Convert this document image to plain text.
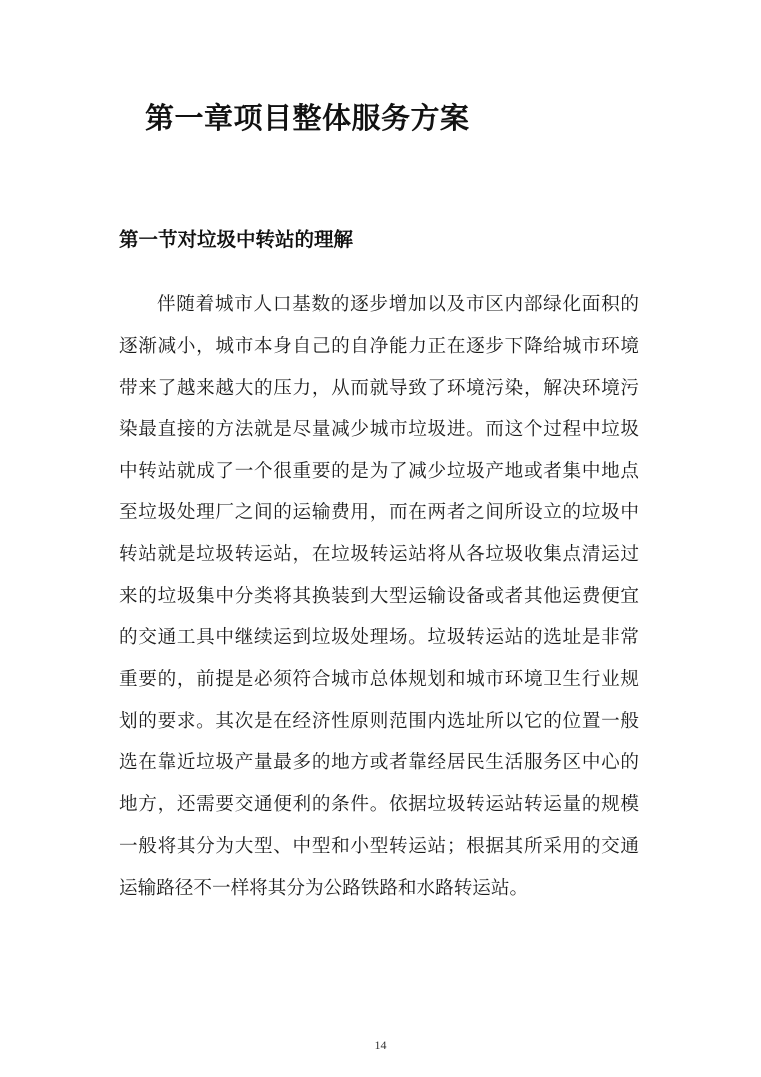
第一章项目整体服务方案
第一节对垃圾中转站的理解
伴随着城市人口基数的逐步增加以及市区内部绿化面积的
逐渐减小，城市本身自己的自净能力正在逐步下降给城市环境
带来了越来越大的压力，从而就导致了环境污染，解决环境污
染最直接的方法就是尽量减少城市垃圾进。而这个过程中垃圾
中转站就成了一个很重要的是为了减少垃圾产地或者集中地点
至垃圾处理厂之间的运输费用，而在两者之间所设立的垃圾中
转站就是垃圾转运站，在垃圾转运站将从各垃圾收集点清运过
来的垃圾集中分类将其换装到大型运输设备或者其他运费便宜
的交通工具中继续运到垃圾处理场。垃圾转运站的选址是非常
重要的，前提是必须符合城市总体规划和城市环境卫生行业规
划的要求。其次是在经济性原则范围内选址所以它的位置一般
选在靠近垃圾产量最多的地方或者靠经居民生活服务区中心的
地方，还需要交通便利的条件。依据垃圾转运站转运量的规模
一般将其分为大型、中型和小型转运站；根据其所采用的交通
运输路径不一样将其分为公路铁路和水路转运站。
14
